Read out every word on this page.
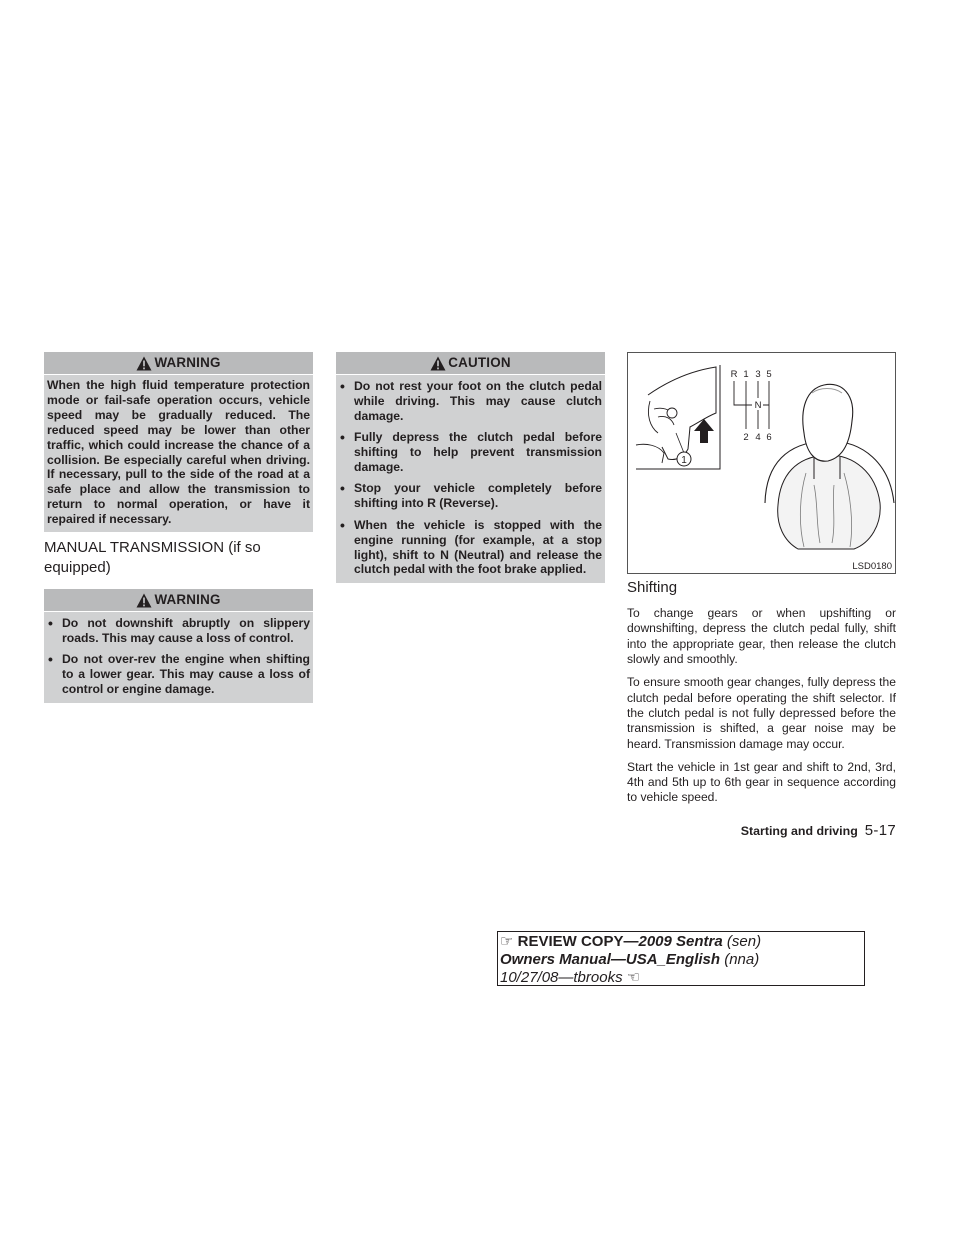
WARNING
When the high fluid temperature protection mode or fail-safe operation occurs, vehicle speed may be gradually reduced. The reduced speed may be lower than other traffic, which could increase the chance of a collision. Be especially careful when driving. If necessary, pull to the side of the road at a safe place and allow the transmission to return to normal operation, or have it repaired if necessary.
MANUAL TRANSMISSION (if so equipped)
WARNING
• Do not downshift abruptly on slippery roads. This may cause a loss of control.
• Do not over-rev the engine when shifting to a lower gear. This may cause a loss of control or engine damage.
CAUTION
• Do not rest your foot on the clutch pedal while driving. This may cause clutch damage.
• Fully depress the clutch pedal before shifting to help prevent transmission damage.
• Stop your vehicle completely before shifting into R (Reverse).
• When the vehicle is stopped with the engine running (for example, at a stop light), shift to N (Neutral) and release the clutch pedal with the foot brake applied.
1
R 1 3 5
N
2 4 6
LSD0180
Shifting

To change gears or when upshifting or downshifting, depress the clutch pedal fully, shift into the appropriate gear, then release the clutch slowly and smoothly.

To ensure smooth gear changes, fully depress the clutch pedal before operating the shift selector. If the clutch pedal is not fully depressed before the transmission is shifted, a gear noise may be heard. Transmission damage may occur.

Start the vehicle in 1st gear and shift to 2nd, 3rd, 4th and 5th up to 6th gear in sequence according to vehicle speed.

Starting and driving 5-17
☞ REVIEW COPY—2009 Sentra (sen)
Owners Manual—USA_English (nna)
10/27/08—tbrooks ☜
